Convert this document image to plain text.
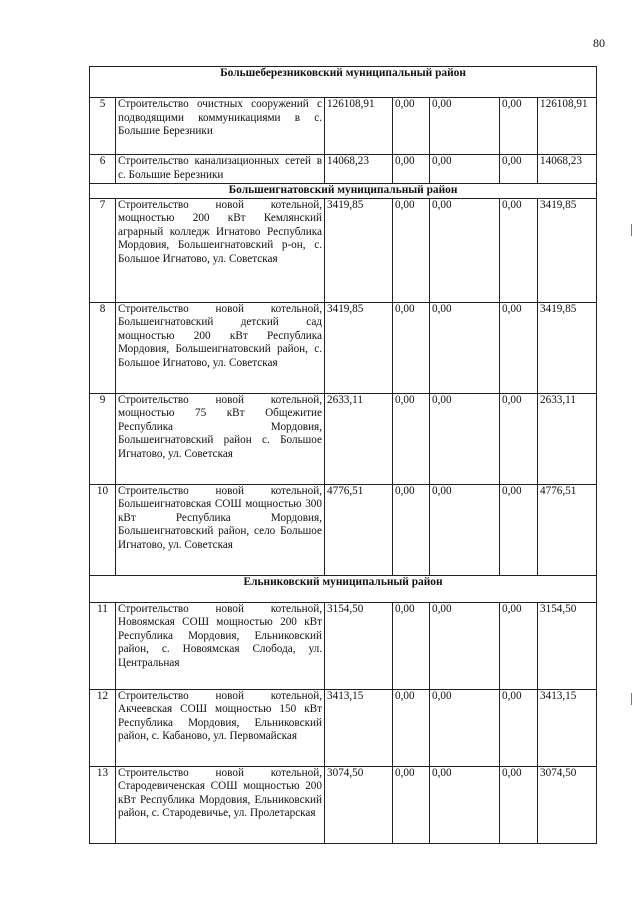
80
Большеберезниковский муниципальный район						
5	Строительство очистных сооружений с подводящими коммуникациями в с. Большие Березники	126108,91	0,00	0,00	0,00	126108,91
6	Строительство канализационных сетей в с. Большие Березники	14068,23	0,00	0,00	0,00	14068,23
Большеигнатовский муниципальный район						
7	Строительство новой котельной, мощностью 200 кВт Кемлянский аграрный колледж Игнатово Республика Мордовия, Большеигнатовский р-он, с. Большое Игнатово, ул. Советская	3419,85	0,00	0,00	0,00	3419,85
8	Строительство новой котельной, Большеигнатовский детский сад мощностью 200 кВт Республика Мордовия, Большеигнатовский район, с. Большое Игнатово, ул. Советская	3419,85	0,00	0,00	0,00	3419,85
9	Строительство новой котельной, мощностью 75 кВт Общежитие Республика Мордовия, Большеигнатовский район с. Большое Игнатово, ул. Советская	2633,11	0,00	0,00	0,00	2633,11
10	Строительство новой котельной, Большеигнатовская СОШ мощностью 300 кВт Республика Мордовия, Большеигнатовский район, село Большое Игнатово, ул. Советская	4776,51	0,00	0,00	0,00	4776,51
Ельниковский муниципальный район						
11	Строительство новой котельной, Новоямская СОШ мощностью 200 кВт Республика Мордовия, Ельниковский район, с. Новоямская Слобода, ул. Центральная	3154,50	0,00	0,00	0,00	3154,50
12	Строительство новой котельной, Акчеевская СОШ мощностью 150 кВт Республика Мордовия, Ельниковский район, с. Кабаново, ул. Первомайская	3413,15	0,00	0,00	0,00	3413,15
13	Строительство новой котельной, Стародевиченская СОШ мощностью 200 кВт Республика Мордовия, Ельниковский район, с. Стародевичье, ул. Пролетарская	3074,50	0,00	0,00	0,00	3074,50
